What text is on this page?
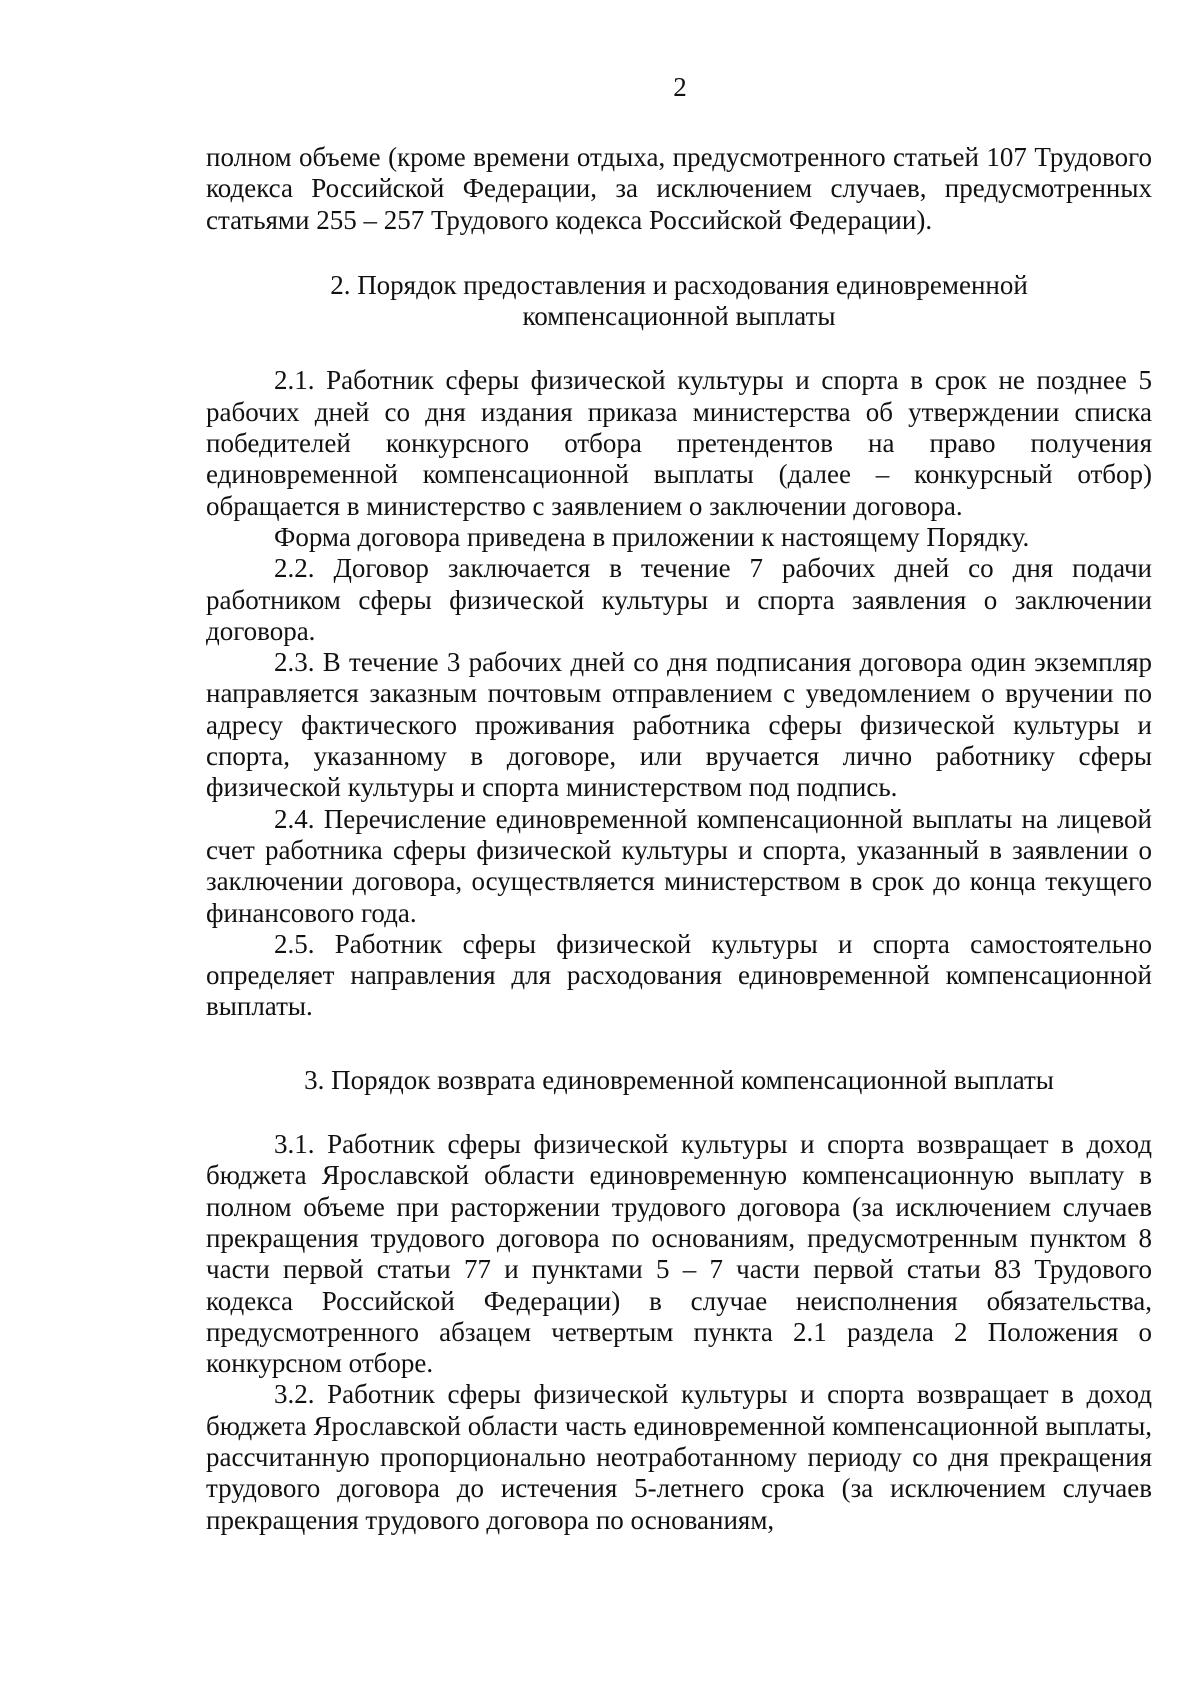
2

полном объеме (кроме времени отдыха, предусмотренного статьей 107 Трудового кодекса Российской Федерации, за исключением случаев, предусмотренных статьями 255 – 257 Трудового кодекса Российской Федерации).

2. Порядок предоставления и расходования единовременной

компенсационной выплаты

2.1. Работник сферы физической культуры и спорта в срок не позднее 5 рабочих дней со дня издания приказа министерства об утверждении списка победителей конкурсного отбора претендентов на право получения единовременной компенсационной выплаты (далее – конкурсный отбор) обращается в министерство с заявлением о заключении договора.

Форма договора приведена в приложении к настоящему Порядку.

2.2. Договор заключается в течение 7 рабочих дней со дня подачи работником сферы физической культуры и спорта заявления о заключении договора.

2.3. В течение 3 рабочих дней со дня подписания договора один экземпляр направляется заказным почтовым отправлением с уведомлением о вручении по адресу фактического проживания работника сферы физической культуры и спорта, указанному в договоре, или вручается лично работнику сферы физической культуры и спорта министерством под подпись.

2.4. Перечисление единовременной компенсационной выплаты на лицевой счет работника сферы физической культуры и спорта, указанный в заявлении о заключении договора, осуществляется министерством в срок до конца текущего финансового года.

2.5. Работник сферы физической культуры и спорта самостоятельно определяет направления для расходования единовременной компенсационной выплаты.

3. Порядок возврата единовременной компенсационной выплаты

3.1. Работник сферы физической культуры и спорта возвращает в доход бюджета Ярославской области единовременную компенсационную выплату в полном объеме при расторжении трудового договора (за исключением случаев прекращения трудового договора по основаниям, предусмотренным пунктом 8 части первой статьи 77 и пунктами 5 – 7 части первой статьи 83 Трудового кодекса Российской Федерации) в случае неисполнения обязательства, предусмотренного абзацем четвертым пункта 2.1 раздела 2 Положения о конкурсном отборе.

3.2. Работник сферы физической культуры и спорта возвращает в доход бюджета Ярославской области часть единовременной компенсационной выплаты, рассчитанную пропорционально неотработанному периоду со дня прекращения трудового договора до истечения 5-летнего срока (за исключением случаев прекращения трудового договора по основаниям,
